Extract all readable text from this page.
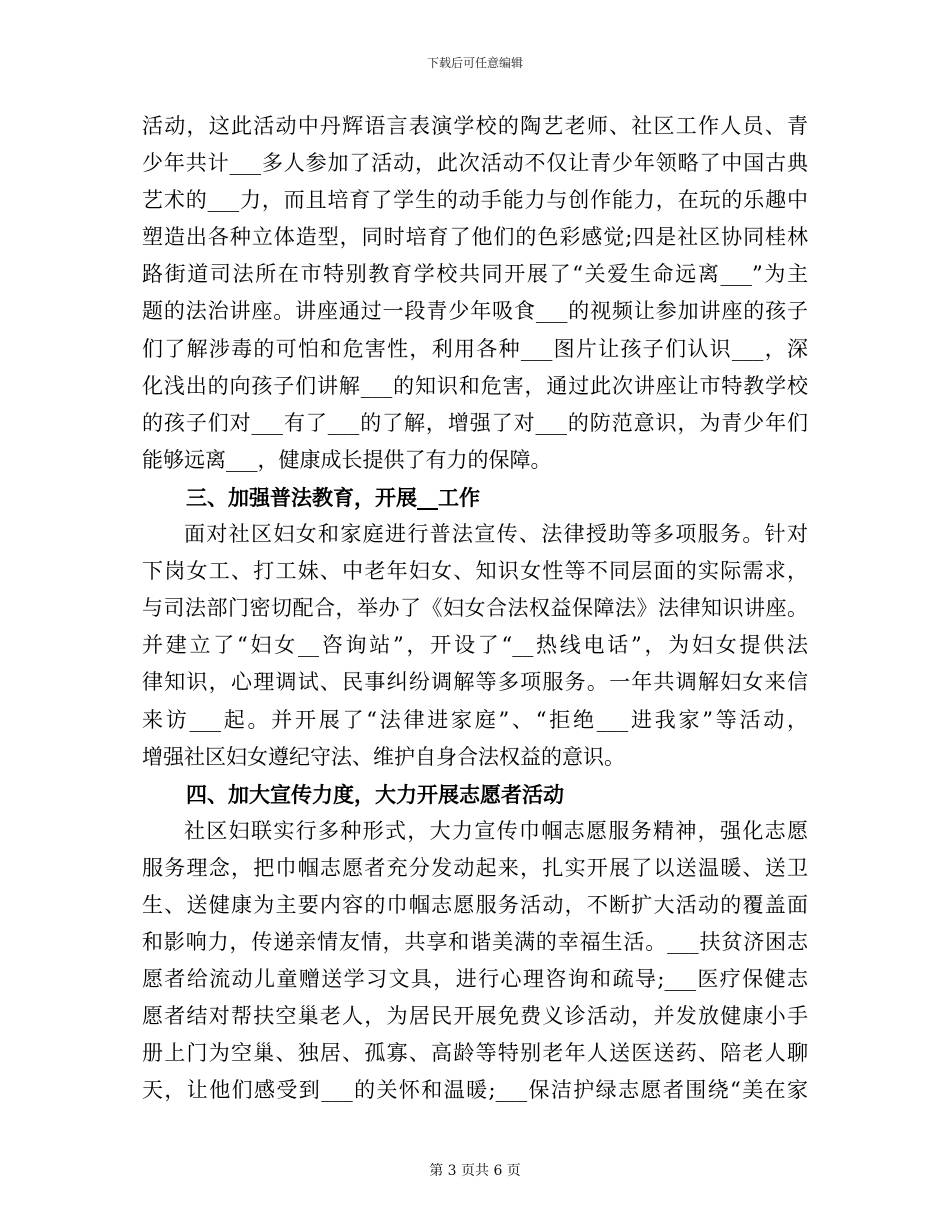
下载后可任意编辑
活动，这此活动中丹辉语言表演学校的陶艺老师、社区工作人员、青
少年共计___多人参加了活动，此次活动不仅让青少年领略了中国古典
艺术的___力，而且培育了学生的动手能力与创作能力，在玩的乐趣中
塑造出各种立体造型，同时培育了他们的色彩感觉;四是社区协同桂林
路街道司法所在市特别教育学校共同开展了“关爱生命远离___”为主
题的法治讲座。讲座通过一段青少年吸食___的视频让参加讲座的孩子
们了解涉毒的可怕和危害性，利用各种___图片让孩子们认识___，深
化浅出的向孩子们讲解___的知识和危害，通过此次讲座让市特教学校
的孩子们对___有了___的了解，增强了对___的防范意识，为青少年们
能够远离___，健康成长提供了有力的保障。
三、加强普法教育，开展__工作
面对社区妇女和家庭进行普法宣传、法律授助等多项服务。针对
下岗女工、打工妹、中老年妇女、知识女性等不同层面的实际需求，
与司法部门密切配合，举办了《妇女合法权益保障法》法律知识讲座。
并建立了“妇女__咨询站”，开设了“__热线电话”，为妇女提供法
律知识，心理调试、民事纠纷调解等多项服务。一年共调解妇女来信
来访___起。并开展了“法律进家庭”、“拒绝___进我家”等活动，
增强社区妇女遵纪守法、维护自身合法权益的意识。
四、加大宣传力度，大力开展志愿者活动
社区妇联实行多种形式，大力宣传巾帼志愿服务精神，强化志愿
服务理念，把巾帼志愿者充分发动起来，扎实开展了以送温暖、送卫
生、送健康为主要内容的巾帼志愿服务活动，不断扩大活动的覆盖面
和影响力，传递亲情友情，共享和谐美满的幸福生活。___扶贫济困志
愿者给流动儿童赠送学习文具，进行心理咨询和疏导;___医疗保健志
愿者结对帮扶空巢老人，为居民开展免费义诊活动，并发放健康小手
册上门为空巢、独居、孤寡、高龄等特别老年人送医送药、陪老人聊
天，让他们感受到___的关怀和温暖;___保洁护绿志愿者围绕“美在家
第 3 页共 6 页
